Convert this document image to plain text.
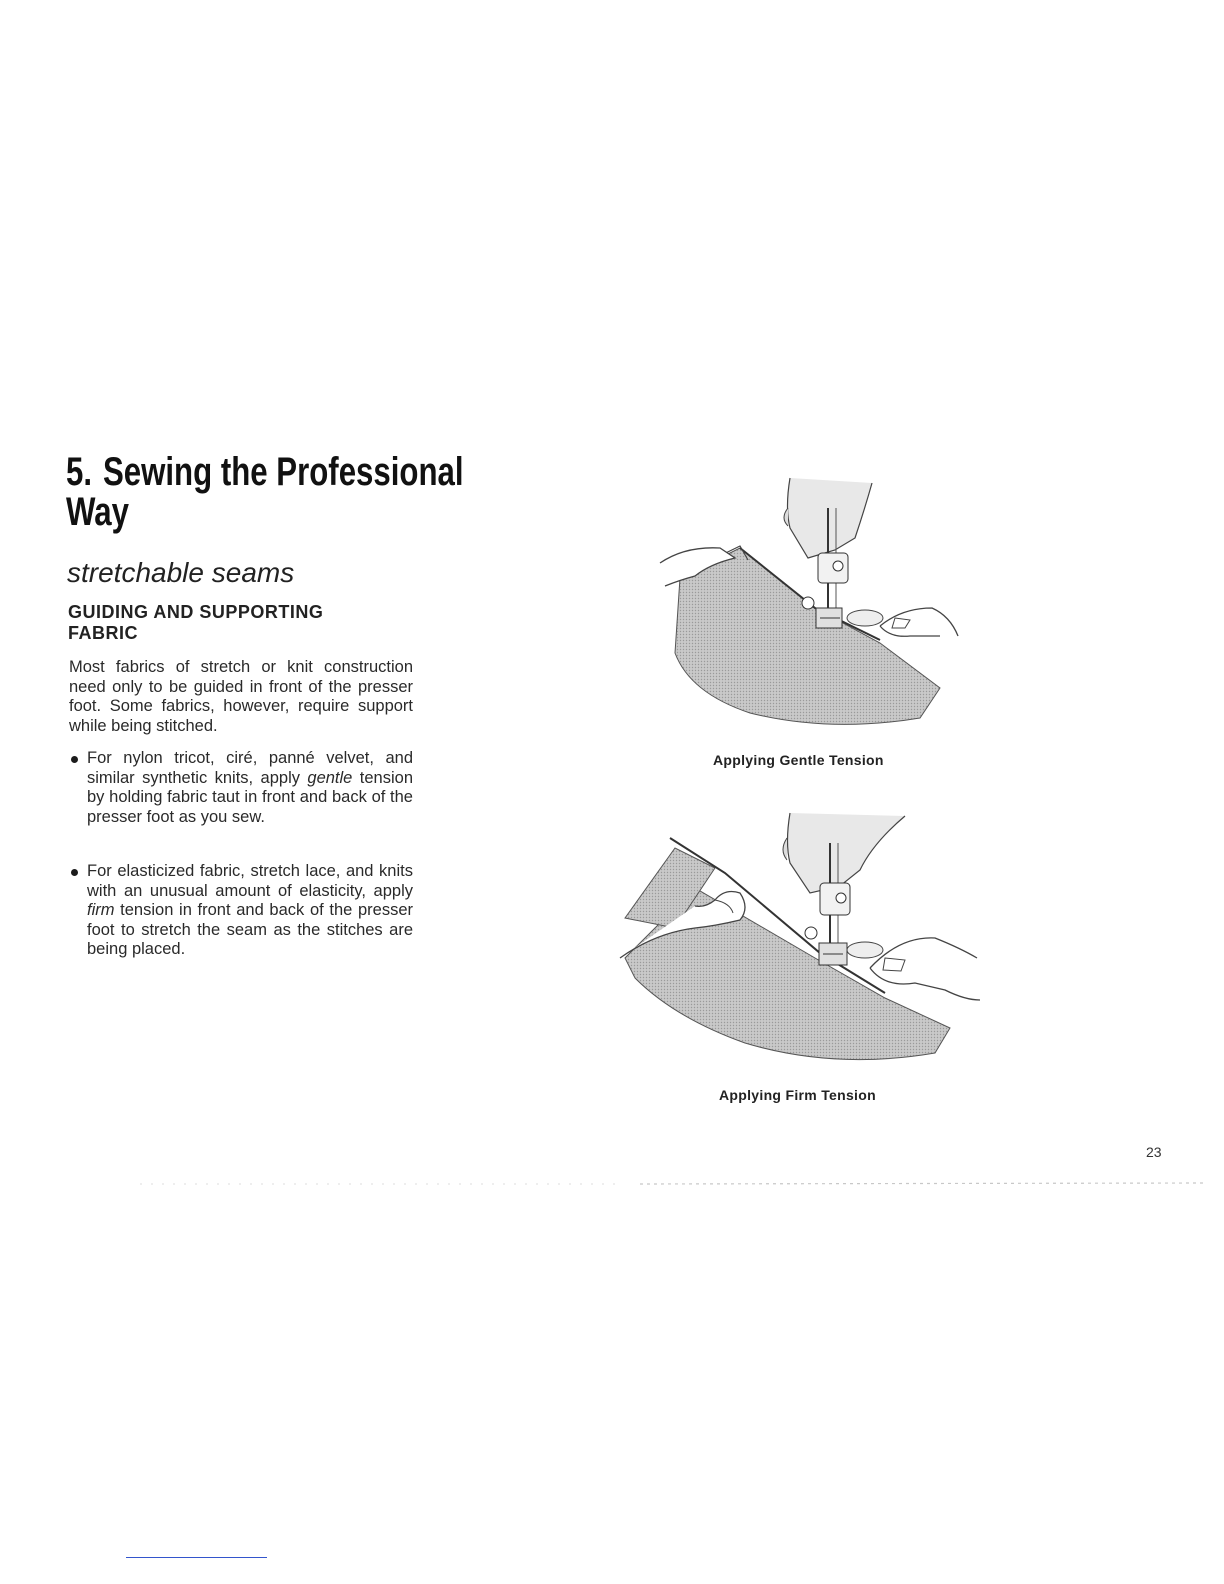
5. Sewing the Professional
Way
stretchable seams
GUIDING AND SUPPORTING
FABRIC
Most fabrics of stretch or knit construction need only to be guided in front of the presser foot. Some fabrics, however, require support while being stitched.
For nylon tricot, ciré, panné velvet, and similar synthetic knits, apply gentle tension by holding fabric taut in front and back of the presser foot as you sew.
For elasticized fabric, stretch lace, and knits with an unusual amount of elasticity, apply firm tension in front and back of the presser foot to stretch the seam as the stitches are being placed.
Applying Gentle Tension
Applying Firm Tension
23
